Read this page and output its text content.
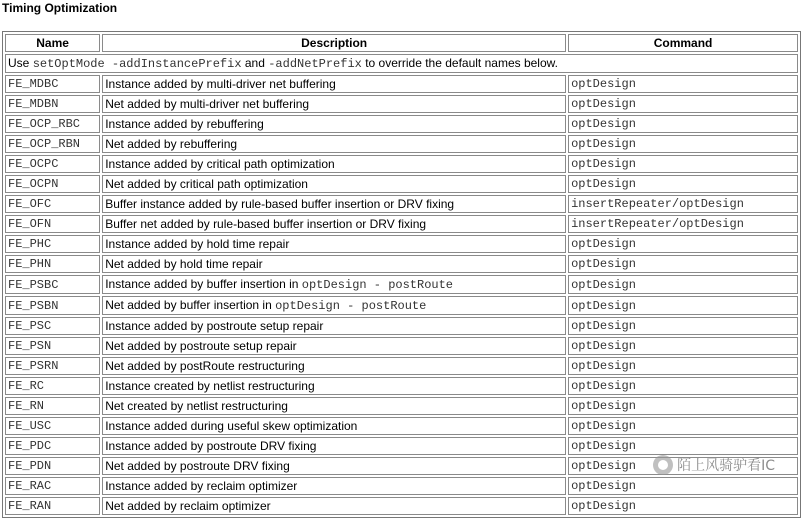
Timing Optimization
Name	Description	Command
Use setOptMode -addInstancePrefix and -addNetPrefix to override the default names below.		
FE_MDBC	Instance added by multi-driver net buffering	optDesign
FE_MDBN	Net added by multi-driver net buffering	optDesign
FE_OCP_RBC	Instance added by rebuffering	optDesign
FE_OCP_RBN	Net added by rebuffering	optDesign
FE_OCPC	Instance added by critical path optimization	optDesign
FE_OCPN	Net added by critical path optimization	optDesign
FE_OFC	Buffer instance added by rule-based buffer insertion or DRV fixing	insertRepeater/optDesign
FE_OFN	Buffer net added by rule-based buffer insertion or DRV fixing	insertRepeater/optDesign
FE_PHC	Instance added by hold time repair	optDesign
FE_PHN	Net added by hold time repair	optDesign
FE_PSBC	Instance added by buffer insertion in optDesign - postRoute	optDesign
FE_PSBN	Net added by buffer insertion in optDesign - postRoute	optDesign
FE_PSC	Instance added by postroute setup repair	optDesign
FE_PSN	Net added by postroute setup repair	optDesign
FE_PSRN	Net added by postRoute restructuring	optDesign
FE_RC	Instance created by netlist restructuring	optDesign
FE_RN	Net created by netlist restructuring	optDesign
FE_USC	Instance added during useful skew optimization	optDesign
FE_PDC	Instance added by postroute DRV fixing	optDesign
FE_PDN	Net added by postroute DRV fixing	optDesign
FE_RAC	Instance added by reclaim optimizer	optDesign
FE_RAN	Net added by reclaim optimizer	optDesign
陌上风骑驴看IC
